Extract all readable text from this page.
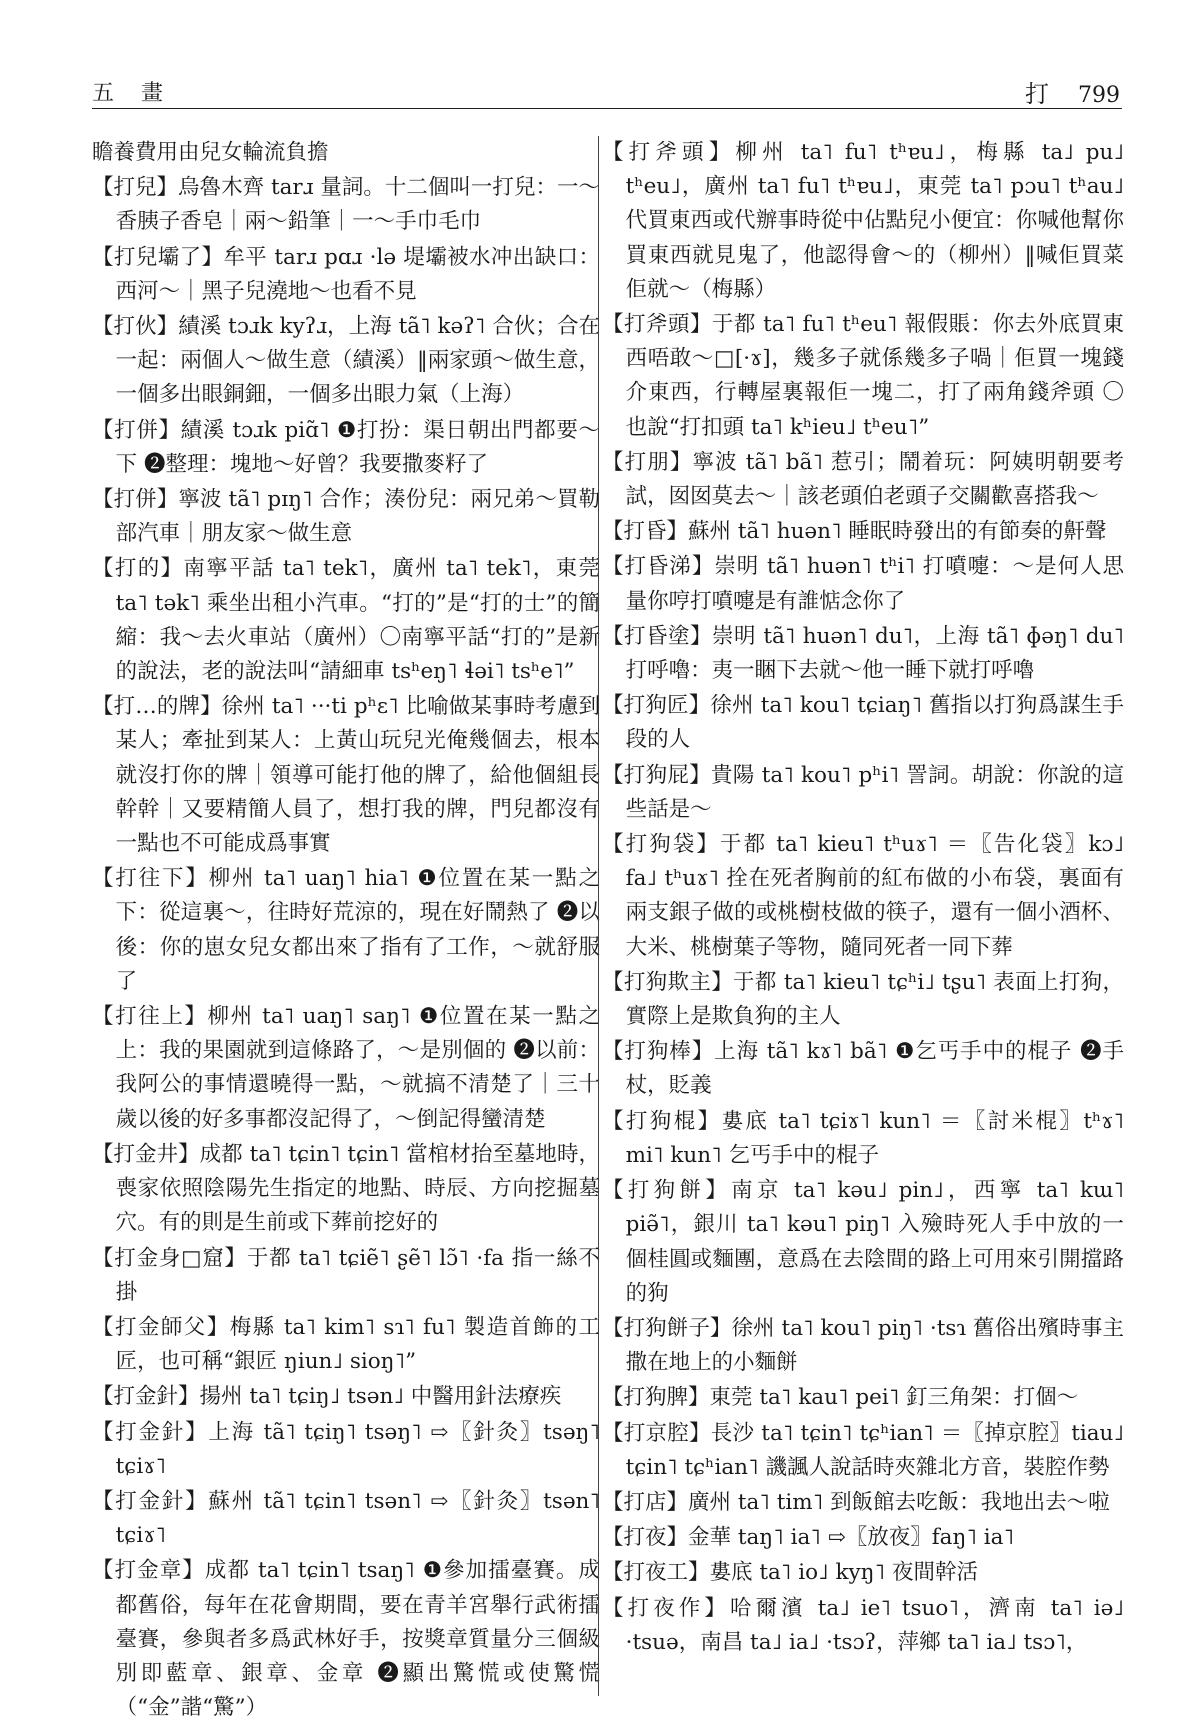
五 畫	打 799

瞻養費用由兒女輪流負擔

【打兒】烏魯木齊 tarɹ 量詞。十二個叫一打兒：一～香胰子香皂｜兩～鉛筆｜一～手巾毛巾

【打兒壩了】牟平 tarɹ pɑɹ ·lə 堤壩被水冲出缺口：西河～｜黑子兒澆地～也看不見

【打伙】績溪 tɔɹk kyʔɹ，上海 tã˥ kəʔ˥ 合伙；合在一起：兩個人～做生意（績溪）‖兩家頭～做生意，一個多出眼銅鈿，一個多出眼力氣（上海）

【打併】績溪 tɔɹk piɑ̃˥ ❶打扮：渠日朝出門都要～下 ❷整理：塊地～好曾？我要撒麥籽了

【打併】寧波 tã˥ pɪŋ˥ 合作；湊份兒：兩兄弟～買勒部汽車｜朋友家～做生意

【打的】南寧平話 ta˥ tek˥，廣州 ta˥ tek˥，東莞 ta˥ tək˥ 乘坐出租小汽車。“打的”是“打的士”的簡縮：我～去火車站（廣州）〇南寧平話“打的”是新的說法，老的說法叫“請細車 tsʰeŋ˥ ɬəi˥ tsʰe˥”

【打…的牌】徐州 ta˥ ···ti pʰɛ˥ 比喻做某事時考慮到某人；牽扯到某人：上黃山玩兒光俺幾個去，根本就沒打你的牌｜領導可能打他的牌了，給他個組長幹幹｜又要精簡人員了，想打我的牌，門兒都沒有一點也不可能成爲事實

【打往下】柳州 ta˥ uaŋ˥ hia˥ ❶位置在某一點之下：從這裏～，往時好荒涼的，現在好鬧熱了 ❷以後：你的崽女兒女都出來了指有了工作，～就舒服了

【打往上】柳州 ta˥ uaŋ˥ saŋ˥ ❶位置在某一點之上：我的果園就到這條路了，～是別個的 ❷以前：我阿公的事情還曉得一點，～就搞不清楚了｜三十歲以後的好多事都沒記得了，～倒記得蠻清楚

【打金井】成都 ta˥ tɕin˥ tɕin˥ 當棺材抬至墓地時，喪家依照陰陽先生指定的地點、時辰、方向挖掘墓穴。有的則是生前或下葬前挖好的

【打金身□窟】于都 ta˥ tɕiẽ˥ ʂẽ˥ lɔ̃˥ ·fa 指一絲不掛

【打金師父】梅縣 ta˥ kim˥ sɿ˥ fu˥ 製造首飾的工匠，也可稱“銀匠 ŋiun˩ sioŋ˥”

【打金針】揚州 ta˥ tɕiŋ˩ tsən˩ 中醫用針法療疾

【打金針】上海 tã˥ tɕiŋ˥ tsəŋ˥ ⇨〖針灸〗tsəŋ˥ tɕiɤ˥

【打金針】蘇州 tã˥ tɕin˥ tsən˥ ⇨〖針灸〗tsən˥ tɕiɤ˥

【打金章】成都 ta˥ tɕin˥ tsaŋ˥ ❶參加擂臺賽。成都舊俗，每年在花會期間，要在青羊宮舉行武術擂臺賽，參與者多爲武林好手，按獎章質量分三個級別即藍章、銀章、金章 ❷顯出驚慌或使驚慌（“金”諧“驚”）

【打斧頭】柳州 ta˥ fu˥ tʰɐu˩，梅縣 ta˩ pu˩ tʰeu˩，廣州 ta˥ fu˥ tʰɐu˩，東莞 ta˥ pɔu˥ tʰau˩ 代買東西或代辦事時從中佔點兒小便宜：你喊他幫你買東西就見鬼了，他認得會～的（柳州）‖喊佢買菜佢就～（梅縣）

【打斧頭】于都 ta˥ fu˥ tʰeu˥ 報假賬：你去外底買東西唔敢～□[·ɤ]，幾多子就係幾多子喎｜佢買一塊錢介東西，行轉屋裏報佢一塊二，打了兩角錢斧頭 〇也說“打扣頭 ta˥ kʰieu˩ tʰeu˥”

【打朋】寧波 tã˥ bã˥ 惹引；鬧着玩：阿姨明朝要考試，囡囡莫去～｜該老頭伯老頭子交關歡喜搭我～

【打昏】蘇州 tã˥ huən˥ 睡眠時發出的有節奏的鼾聲

【打昏涕】崇明 tã˥ huən˥ tʰi˥ 打噴嚏：～是何人思量你哼打噴嚏是有誰惦念你了

【打昏塗】崇明 tã˥ huən˥ du˥，上海 tã˥ ɸəŋ˥ du˥ 打呼嚕：夷一睏下去就～他一睡下就打呼嚕

【打狗匠】徐州 ta˥ kou˥ tɕiaŋ˥ 舊指以打狗爲謀生手段的人

【打狗屁】貴陽 ta˥ kou˥ pʰi˥ 詈詞。胡說：你說的這些話是～

【打狗袋】于都 ta˥ kieu˥ tʰuɤ˥ ＝〖告化袋〗kɔ˩ fa˩ tʰuɤ˥ 拴在死者胸前的紅布做的小布袋，裏面有兩支銀子做的或桃樹枝做的筷子，還有一個小酒杯、大米、桃樹葉子等物，隨同死者一同下葬

【打狗欺主】于都 ta˥ kieu˥ tɕʰi˩ tʂu˥ 表面上打狗，實際上是欺負狗的主人

【打狗棒】上海 tã˥ kɤ˥ bã˥ ❶乞丐手中的棍子 ❷手杖，貶義

【打狗棍】婁底 ta˥ tɕiɤ˥ kun˥ ＝〖討米棍〗tʰɤ˥ mi˥ kun˥ 乞丐手中的棍子

【打狗餅】南京 ta˥ kəu˩ pin˩，西寧 ta˥ kɯ˥ piə̃˥，銀川 ta˥ kəu˥ piŋ˥ 入殮時死人手中放的一個桂圓或麵團，意爲在去陰間的路上可用來引開擋路的狗

【打狗餅子】徐州 ta˥ kou˥ piŋ˥ ·tsɿ 舊俗出殯時事主撒在地上的小麵餅

【打狗脾】東莞 ta˥ kau˥ pei˥ 釘三角架：打個～

【打京腔】長沙 ta˥ tɕin˥ tɕʰian˥ ＝〖掉京腔〗tiau˩ tɕin˥ tɕʰian˥ 譏諷人說話時夾雜北方音，裝腔作勢

【打店】廣州 ta˥ tim˥ 到飯館去吃飯：我地出去～啦

【打夜】金華 taŋ˥ ia˥ ⇨〖放夜〗faŋ˥ ia˥

【打夜工】婁底 ta˥ io˩ kyŋ˥ 夜間幹活

【打夜作】哈爾濱 ta˩ ie˥ tsuo˥，濟南 ta˥ iə˩ ·tsuə，南昌 ta˩ ia˩ ·tsɔʔ，萍鄉 ta˥ ia˩ tsɔ˥，
